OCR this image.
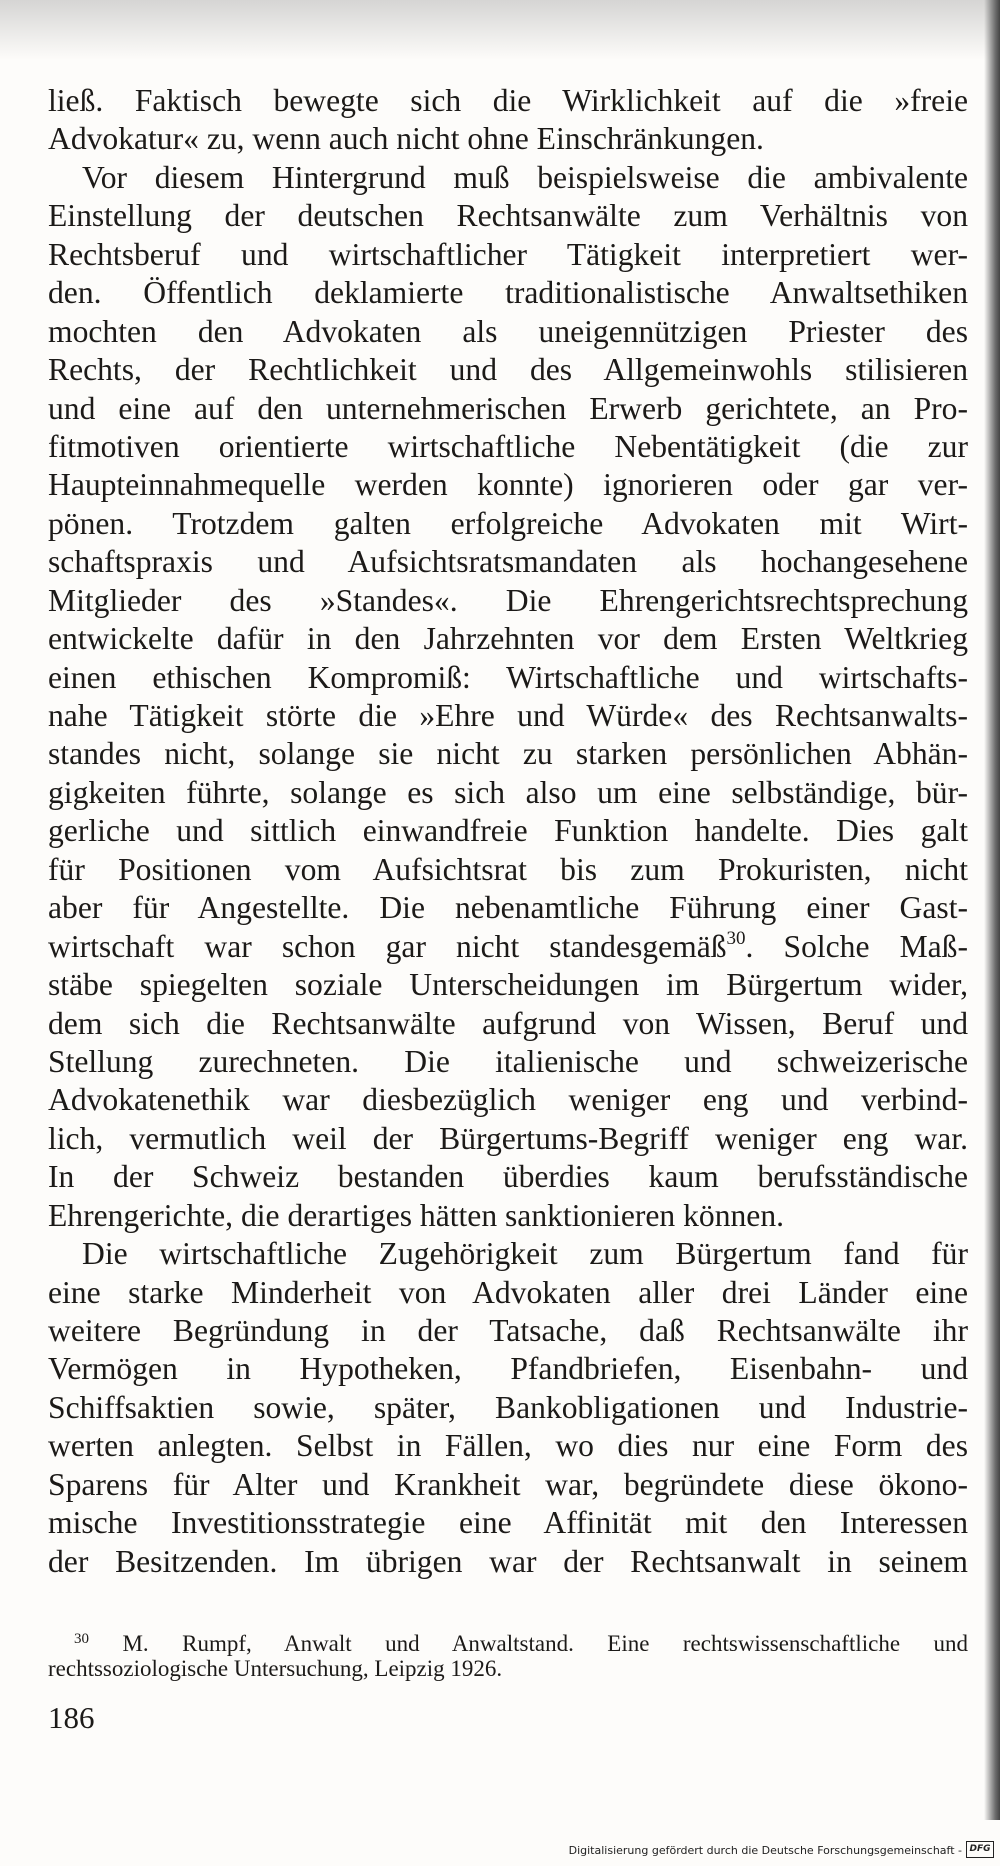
ließ. Faktisch bewegte sich die Wirklichkeit auf die »freie
Advokatur« zu, wenn auch nicht ohne Einschränkungen.
Vor diesem Hintergrund muß beispielsweise die ambivalente
Einstellung der deutschen Rechtsanwälte zum Verhältnis von
Rechtsberuf und wirtschaftlicher Tätigkeit interpretiert wer-
den. Öffentlich deklamierte traditionalistische Anwaltsethiken
mochten den Advokaten als uneigennützigen Priester des
Rechts, der Rechtlichkeit und des Allgemeinwohls stilisieren
und eine auf den unternehmerischen Erwerb gerichtete, an Pro-
fitmotiven orientierte wirtschaftliche Nebentätigkeit (die zur
Haupteinnahmequelle werden konnte) ignorieren oder gar ver-
pönen. Trotzdem galten erfolgreiche Advokaten mit Wirt-
schaftspraxis und Aufsichtsratsmandaten als hochangesehene
Mitglieder des »Standes«. Die Ehrengerichtsrechtsprechung
entwickelte dafür in den Jahrzehnten vor dem Ersten Weltkrieg
einen ethischen Kompromiß: Wirtschaftliche und wirtschafts-
nahe Tätigkeit störte die »Ehre und Würde« des Rechtsanwalts-
standes nicht, solange sie nicht zu starken persönlichen Abhän-
gigkeiten führte, solange es sich also um eine selbständige, bür-
gerliche und sittlich einwandfreie Funktion handelte. Dies galt
für Positionen vom Aufsichtsrat bis zum Prokuristen, nicht
aber für Angestellte. Die nebenamtliche Führung einer Gast-
wirtschaft war schon gar nicht standesgemäß$^{30}$. Solche Maß-
stäbe spiegelten soziale Unterscheidungen im Bürgertum wider,
dem sich die Rechtsanwälte aufgrund von Wissen, Beruf und
Stellung zurechneten. Die italienische und schweizerische
Advokatenethik war diesbezüglich weniger eng und verbind-
lich, vermutlich weil der Bürgertums-Begriff weniger eng war.
In der Schweiz bestanden überdies kaum berufsständische
Ehrengerichte, die derartiges hätten sanktionieren können.
Die wirtschaftliche Zugehörigkeit zum Bürgertum fand für
eine starke Minderheit von Advokaten aller drei Länder eine
weitere Begründung in der Tatsache, daß Rechtsanwälte ihr
Vermögen in Hypotheken, Pfandbriefen, Eisenbahn- und
Schiffsaktien sowie, später, Bankobligationen und Industrie-
werten anlegten. Selbst in Fällen, wo dies nur eine Form des
Sparens für Alter und Krankheit war, begründete diese ökono-
mische Investitionsstrategie eine Affinität mit den Interessen
der Besitzenden. Im übrigen war der Rechtsanwalt in seinem
$^{30}$ M. Rumpf, Anwalt und Anwaltstand. Eine rechtswissenschaftliche und
rechtssoziologische Untersuchung, Leipzig 1926.
186
Digitalisierung gefördert durch die Deutsche Forschungsgemeinschaft - DFG
